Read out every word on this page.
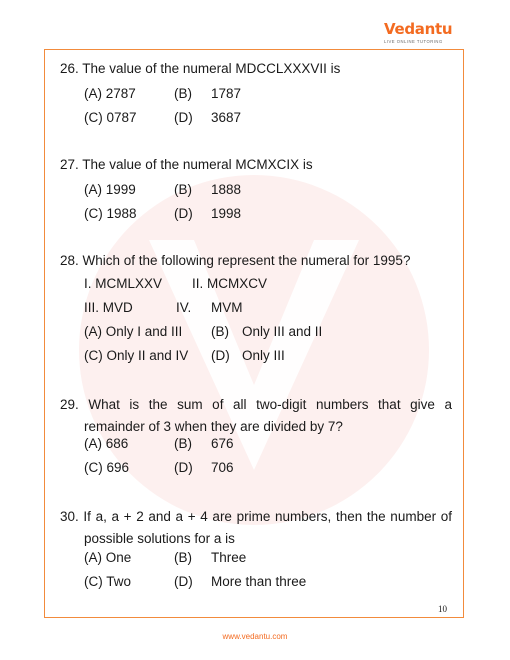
Vedantu
LIVE ONLINE TUTORING
26. The value of the numeral MDCCLXXXVII is
(A) 2787	(B) 1787
(C) 0787	(D) 3687
27. The value of the numeral MCMXCIX is
(A) 1999	(B) 1888
(C) 1988	(D) 1998
28. Which of the following represent the numeral for 1995?
I. MCMLXXV II. MCMXCV
III. MVD	IV. MVM
(A) Only I and III (B) Only III and II
(C) Only II and IV (D) Only III
29. What is the sum of all two-digit numbers that give a remainder of 3 when they are divided by 7?
(A) 686	(B) 676
(C) 696	(D) 706
30. If a, a + 2 and a + 4 are prime numbers, then the number of possible solutions for a is
(A) One	(B) Three
(C) Two	(D) More than three
10
www.vedantu.com
